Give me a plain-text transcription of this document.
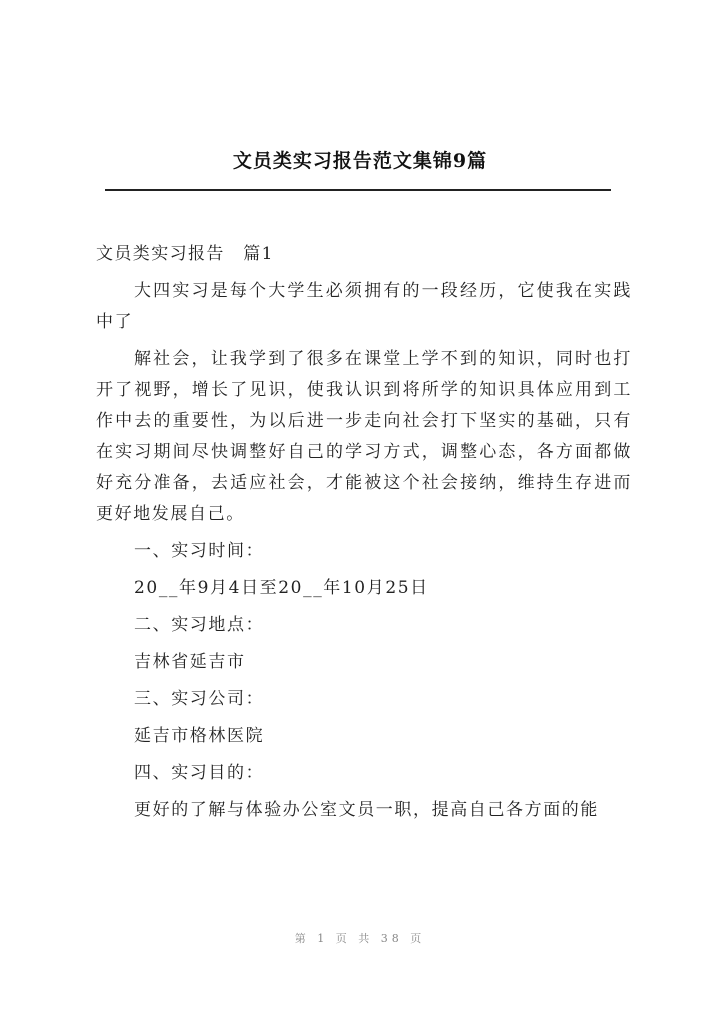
文员类实习报告范文集锦9篇

文员类实习报告　篇1

大四实习是每个大学生必须拥有的一段经历，它使我在实践中了

解社会，让我学到了很多在课堂上学不到的知识，同时也打开了视野，增长了见识，使我认识到将所学的知识具体应用到工作中去的重要性，为以后进一步走向社会打下坚实的基础，只有在实习期间尽快调整好自己的学习方式，调整心态，各方面都做好充分准备，去适应社会，才能被这个社会接纳，维持生存进而更好地发展自己。

一、实习时间：

20__年9月4日至20__年10月25日

二、实习地点：

吉林省延吉市

三、实习公司：

延吉市格林医院

四、实习目的：

更好的了解与体验办公室文员一职，提高自己各方面的能

第 1 页 共 38 页
